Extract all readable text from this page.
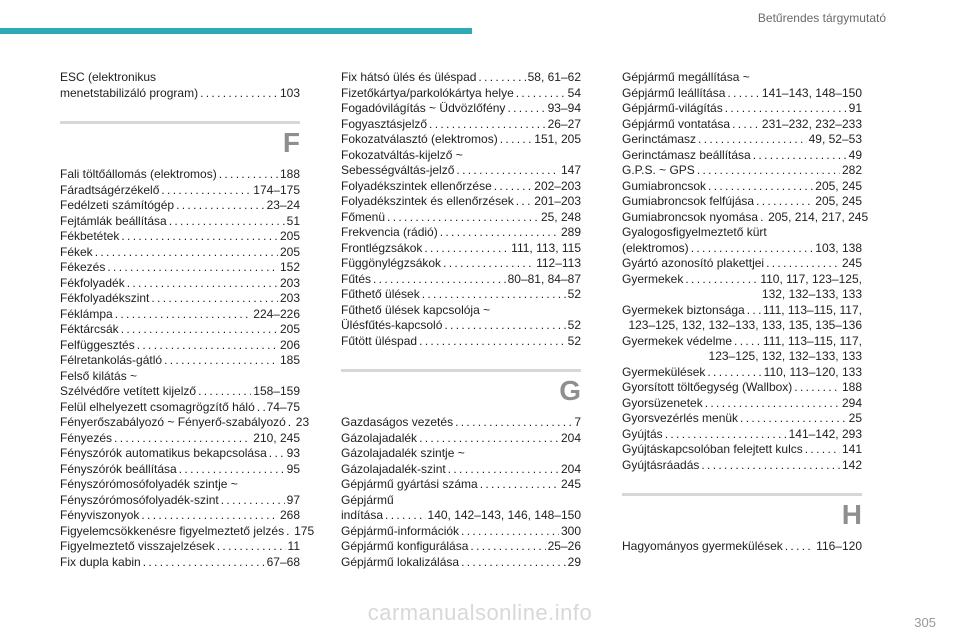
Betűrendes tárgymutató
ESC (elektronikus
menetstabilizáló program) . . .	103
F
Fali töltőállomás (elektromos) . . .	188
Fáradtságérzékelő . . .	174–175
Fedélzeti számítógép . . .	23–24
Fejtámlák beállítása . . .	51
Fékbetétek . . .	205
Fékek . . .	205
Fékezés . . .	152
Fékfolyadék . . .	203
Fékfolyadékszint . . .	203
Féklámpa . . .	224–226
Féktárcsák . . .	205
Felfüggesztés . . .	206
Félretankolás-gátló . . .	185
Felső kilátás ~
Szélvédőre vetített kijelző . . .	158–159
Felül elhelyezett csomagrögzítő háló . . . 74–75
Fényerőszabályozó ~ Fényerő-szabályozó . . . 23
Fényezés . . .	210, 245
Fényszórók automatikus bekapcsolása . . . 93
Fényszórók beállítása . . .	95
Fényszórómosófolyadék szintje ~
Fényszórómosófolyadék-szint . . .	97
Fényviszonyok . . .	268
Figyelemcsökkenésre figyelmeztető jelzés . . . 175
Figyelmeztető visszajelzések . . .	11
Fix dupla kabin . . .	67–68
Fix hátsó ülés és üléspad . . .	58, 61–62
Fizetőkártya/parkolókártya helye . . .	54
Fogadóvilágítás ~ Üdvözlőfény . . .	93–94
Fogyasztásjelző . . .	26–27
Fokozatválasztó (elektromos) . . .	151, 205
Fokozatváltás-kijelző ~
Sebességváltás-jelző . . .	147
Folyadékszintek ellenőrzése . . .	202–203
Folyadékszintek és ellenőrzések . . . 201–203
Főmenü . . .	25, 248
Frekvencia (rádió) . . .	289
Frontlégzsákok . . .	111, 113, 115
Függönylégzsákok . . .	112–113
Fűtés . . .	80–81, 84–87
Fűthető ülések . . .	52
Fűthető ülések kapcsolója ~
Ülésfűtés-kapcsoló . . .	52
Fűtött üléspad . . .	52
G
Gazdaságos vezetés . . .	7
Gázolajadalék . . .	204
Gázolajadalék szintje ~
Gázolajadalék-szint . . .	204
Gépjármű gyártási száma . . .	245
Gépjármű
indítása . . .	140, 142–143, 146, 148–150
Gépjármű-információk . . .	300
Gépjármű konfigurálása . . .	25–26
Gépjármű lokalizálása . . .	29
Gépjármű megállítása ~
Gépjármű leállítása . . .	141–143, 148–150
Gépjármű-világítás . . .	91
Gépjármű vontatása . . .	231–232, 232–233
Gerinctámasz . . .	49, 52–53
Gerinctámasz beállítása . . .	49
G.P.S. ~ GPS . . .	282
Gumiabroncsok . . .	205, 245
Gumiabroncsok felfújása . . .	205, 245
Gumiabroncsok nyomása . . . 205, 214, 217, 245
Gyalogosfigyelmeztető kürt
(elektromos) . . .	103, 138
Gyártó azonosító plakettjei . . .	245
Gyermekek . . .	110, 117, 123–125,
132, 132–133, 133
Gyermekek biztonsága . . . 111, 113–115, 117,
123–125, 132, 132–133, 133, 135, 135–136
Gyermekek védelme . . .	111, 113–115, 117,
123–125, 132, 132–133, 133
Gyermekülések . . .	110, 113–120, 133
Gyorsított töltőegység (Wallbox) . . .	188
Gyorsüzenetek . . .	294
Gyorsvezérlés menük . . .	25
Gyújtás . . .	141–142, 293
Gyújtáskapcsolóban felejtett kulcs . . .	141
Gyújtásráadás . . .	142
H
Hagyományos gyermekülések . . .	116–120
carmanualsonline.info	305
